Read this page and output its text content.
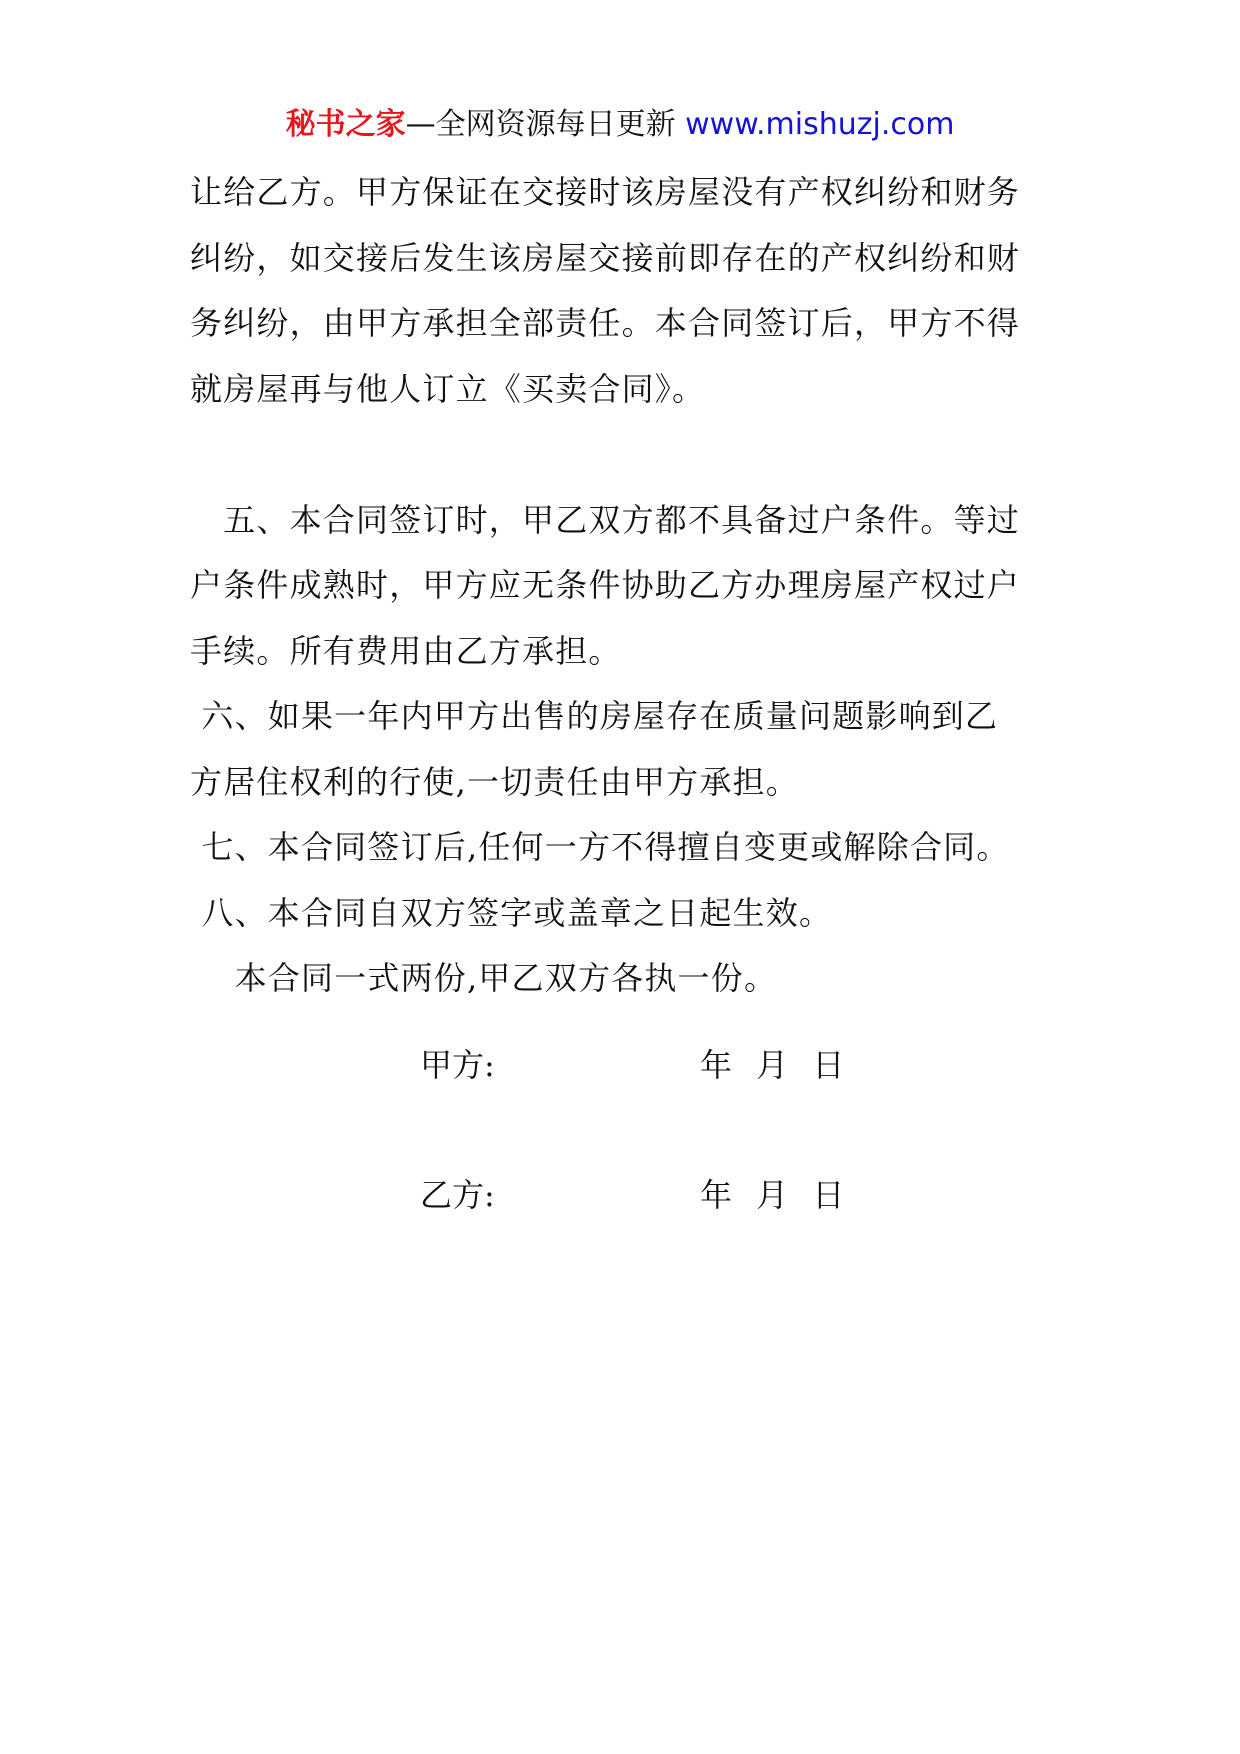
秘书之家—全网资源每日更新 www.mishuzj.com

让给乙方。甲方保证在交接时该房屋没有产权纠纷和财务
纠纷，如交接后发生该房屋交接前即存在的产权纠纷和财
务纠纷，由甲方承担全部责任。本合同签订后，甲方不得
就房屋再与他人订立《买卖合同》。

　五、本合同签订时，甲乙双方都不具备过户条件。等过
户条件成熟时，甲方应无条件协助乙方办理房屋产权过户
手续。所有费用由乙方承担。

六、如果一年内甲方出售的房屋存在质量问题影响到乙
方居住权利的行使,一切责任由甲方承担。

七、本合同签订后,任何一方不得擅自变更或解除合同。

八、本合同自双方签字或盖章之日起生效。

　 本合同一式两份,甲乙双方各执一份。

甲方:	年 月 日
乙方:	年 月 日
